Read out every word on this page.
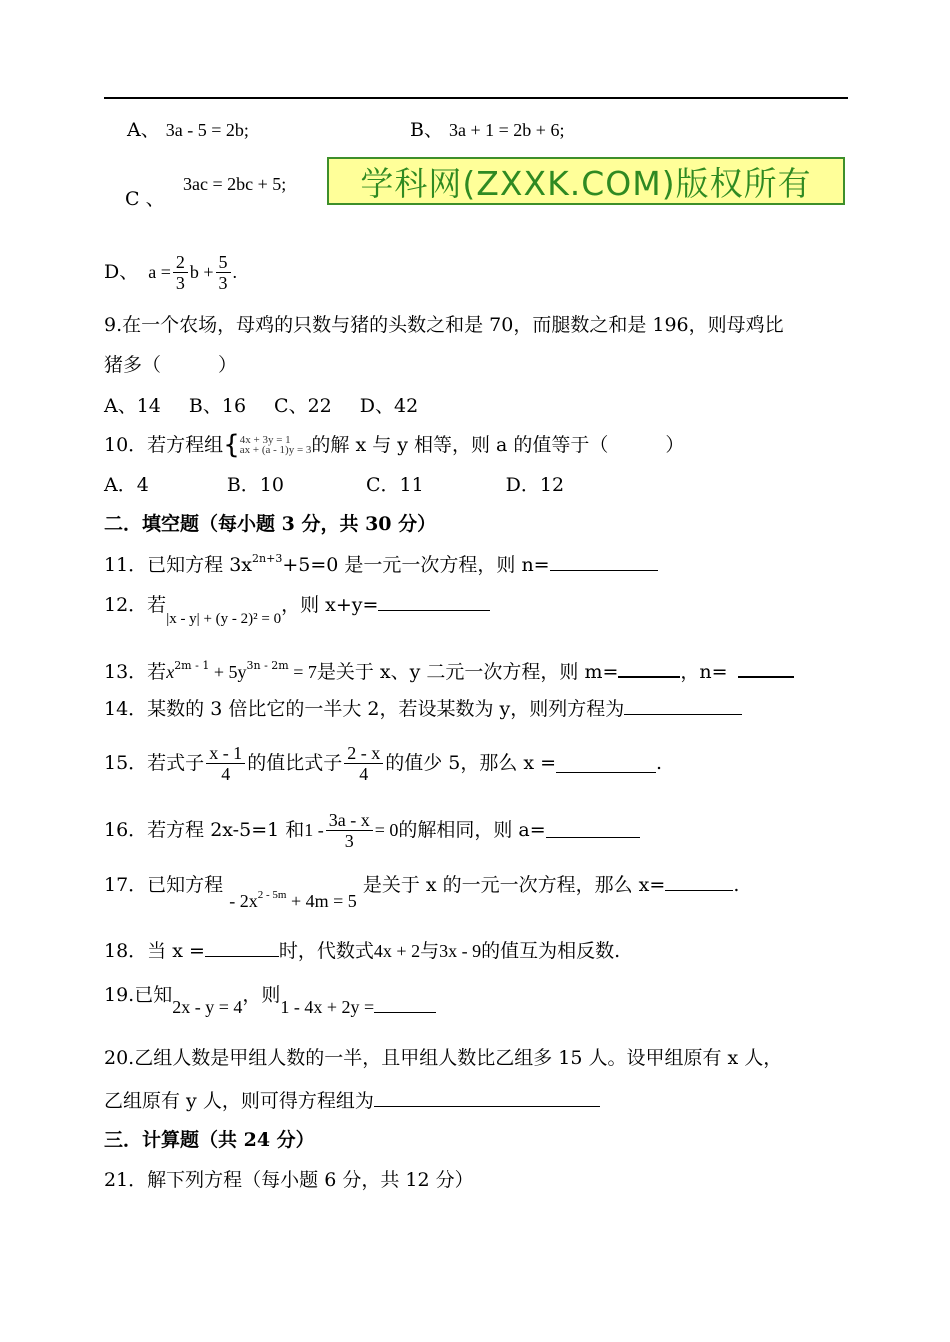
A、 3a - 5 = 2b;	B、 3a + 1 = 2b + 6;
C 、
3ac = 2bc + 5;	学科网(ZXXK.COM)版权所有
D、 $a = \frac{2}{3}$ $b + \frac{5}{3}$ .
9.在一个农场，母鸡的只数与猪的头数之和是 70，而腿数之和是 196，则母鸡比
猪多（　　　）
A、14 B、16 C、22 D、42
10．若方程组 { 4x + 3y = 1
ax + (a - 1)y = 3 的解 x 与 y 相等，则 a 的值等于（　　　）
A．4	B．10	C．11	D．12
二．填空题（每小题 3 分，共 30 分）
11．已知方程 $3x^{2n+3}+5=0$ 是一元一次方程，则 n=
12．若$_{|x - y| + (y - 2)^2 = 0}$，则 x+y=
13．若$x^{2m - 1} + 5y^{3n - 2m} = 7$是关于 x、y 二元一次方程，则 m=	，n=
14．某数的 3 倍比它的一半大 2，若设某数为 y，则列方程为
15．若式子 $\frac{x - 1}{4}$ 的值比式子 $\frac{2 - x}{4}$ 的值少 5，那么 x =	.
16．若方程 2x-5=1 和 $1 - \frac{3a - x}{3} = 0$ 的解相同，则 a=
17．已知方程 - $2x^{2 - 5m} + 4m = 5$ 是关于 x 的一元一次方程，那么 x=	.
18．当 x =	时，代数式4x + 2与3x - 9的值互为相反数.
19.已知2x - y = 4，则1 - 4x + 2y =
20.乙组人数是甲组人数的一半，且甲组人数比乙组多 15 人。设甲组原有 x 人，
乙组原有 y 人，则可得方程组为
三．计算题（共 24 分）
21．解下列方程（每小题 6 分，共 12 分）
